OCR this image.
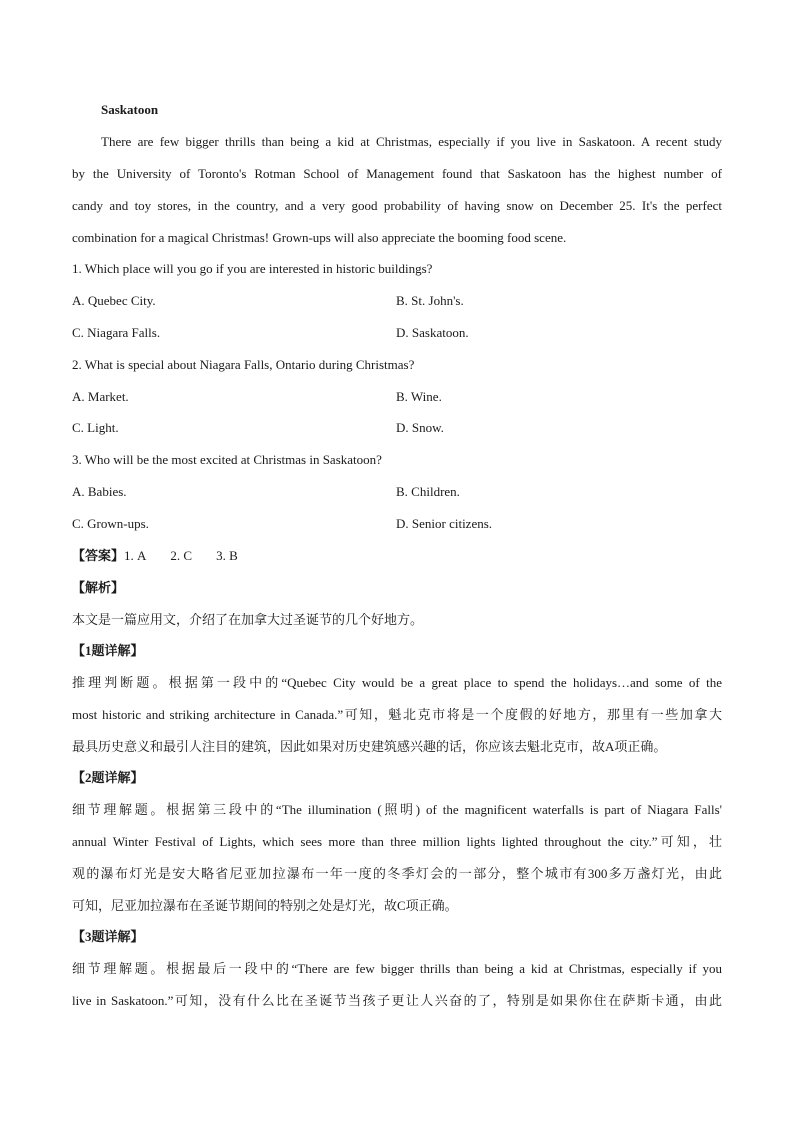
Saskatoon
There are few bigger thrills than being a kid at Christmas, especially if you live in Saskatoon. A recent study
by the University of Toronto's Rotman School of Management found that Saskatoon has the highest number of
candy and toy stores, in the country, and a very good probability of having snow on December 25. It's the perfect
combination for a magical Christmas! Grown-ups will also appreciate the booming food scene.
1. Which place will you go if you are interested in historic buildings?
A. Quebec City.	B. St. John's.
C. Niagara Falls.	D. Saskatoon.
2. What is special about Niagara Falls, Ontario during Christmas?
A. Market.	B. Wine.
C. Light.	D. Snow.
3. Who will be the most excited at Christmas in Saskatoon?
A. Babies.	B. Children.
C. Grown-ups.	D. Senior citizens.
【答案】1. A 2. C 3. B
【解析】
本文是一篇应用文，介绍了在加拿大过圣诞节的几个好地方。
【1题详解】
推理判断题。根据第一段中的“Quebec City would be a great place to spend the holidays…and some of the
most historic and striking architecture in Canada.”可知，魁北克市将是一个度假的好地方，那里有一些加拿大
最具历史意义和最引人注目的建筑，因此如果对历史建筑感兴趣的话，你应该去魁北克市，故A项正确。
【2题详解】
细节理解题。根据第三段中的“The illumination (照明) of the magnificent waterfalls is part of Niagara Falls'
annual Winter Festival of Lights, which sees more than three million lights lighted throughout the city.”可知，壮
观的瀑布灯光是安大略省尼亚加拉瀑布一年一度的冬季灯会的一部分，整个城市有300多万盏灯光，由此
可知，尼亚加拉瀑布在圣诞节期间的特别之处是灯光，故C项正确。
【3题详解】
细节理解题。根据最后一段中的“There are few bigger thrills than being a kid at Christmas, especially if you
live in Saskatoon.”可知，没有什么比在圣诞节当孩子更让人兴奋的了，特别是如果你住在萨斯卡通，由此
